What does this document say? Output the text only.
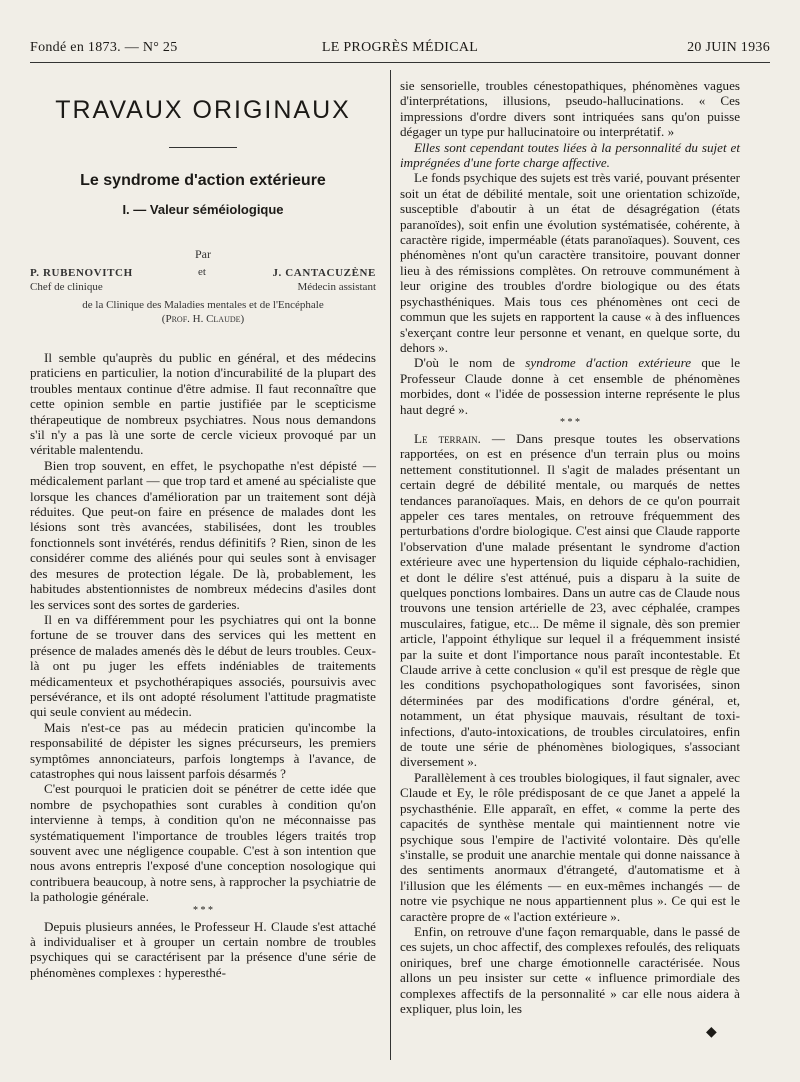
Fondé en 1873. — N° 25	LE PROGRÈS MÉDICAL	20 JUIN 1936
TRAVAUX ORIGINAUX
Le syndrome d'action extérieure
I. — Valeur séméiologique
Par
P. RUBENOVITCH
Chef de clinique
et	J. CANTACUZÈNE
Médecin assistant
de la Clinique des Maladies mentales et de l'Encéphale
(Prof. H. Claude)

Il semble qu'auprès du public en général, et des médecins praticiens en particulier, la notion d'incurabilité de la plupart des troubles mentaux continue d'être admise. Il faut reconnaître que cette opinion semble en partie justifiée par le scepticisme thérapeutique de nombreux psychiatres. Nous nous demandons s'il n'y a pas là une sorte de cercle vicieux provoqué par un véritable malentendu.

Bien trop souvent, en effet, le psychopathe n'est dépisté — médicalement parlant — que trop tard et amené au spécialiste que lorsque les chances d'amélioration par un traitement sont déjà réduites. Que peut-on faire en présence de malades dont les lésions sont très avancées, stabilisées, dont les troubles fonctionnels sont invétérés, rendus définitifs ? Rien, sinon de les considérer comme des aliénés pour qui seules sont à envisager des mesures de protection légale. De là, probablement, les habitudes abstentionnistes de nombreux médecins d'asiles dont les services sont des sortes de garderies.

Il en va différemment pour les psychiatres qui ont la bonne fortune de se trouver dans des services qui les mettent en présence de malades amenés dès le début de leurs troubles. Ceux-là ont pu juger les effets indéniables de traitements médicamenteux et psychothérapiques associés, poursuivis avec persévérance, et ils ont adopté résolument l'attitude pragmatiste qui seule convient au médecin.

Mais n'est-ce pas au médecin praticien qu'incombe la responsabilité de dépister les signes précurseurs, les premiers symptômes annonciateurs, parfois longtemps à l'avance, de catastrophes qui nous laissent parfois désarmés ?

C'est pourquoi le praticien doit se pénétrer de cette idée que nombre de psychopathies sont curables à condition qu'on intervienne à temps, à condition qu'on ne méconnaisse pas systématiquement l'importance de troubles légers traités trop souvent avec une négligence coupable. C'est à son intention que nous avons entrepris l'exposé d'une conception nosologique qui contribuera beaucoup, à notre sens, à rapprocher la psychiatrie de la pathologie générale.

* * *

Depuis plusieurs années, le Professeur H. Claude s'est attaché à individualiser et à grouper un certain nombre de troubles psychiques qui se caractérisent par la présence d'une série de phénomènes complexes : hyperesthé-

sie sensorielle, troubles cénestopathiques, phénomènes vagues d'interprétations, illusions, pseudo-hallucinations. « Ces impressions d'ordre divers sont intriquées sans qu'on puisse dégager un type pur hallucinatoire ou interprétatif. »

Elles sont cependant toutes liées à la personnalité du sujet et imprégnées d'une forte charge affective.

Le fonds psychique des sujets est très varié, pouvant présenter soit un état de débilité mentale, soit une orientation schizoïde, susceptible d'aboutir à un état de désagrégation (états paranoïdes), soit enfin une évolution systématisée, cohérente, à caractère rigide, imperméable (états paranoïaques). Souvent, ces phénomènes n'ont qu'un caractère transitoire, pouvant donner lieu à des rémissions complètes. On retrouve communément à leur origine des troubles d'ordre biologique ou des états psychasthéniques. Mais tous ces phénomènes ont ceci de commun que les sujets en rapportent la cause « à des influences s'exerçant contre leur personne et venant, en quelque sorte, du dehors ».

D'où le nom de syndrome d'action extérieure que le Professeur Claude donne à cet ensemble de phénomènes morbides, dont « l'idée de possession interne représente le plus haut degré ».

* * *

Le terrain. — Dans presque toutes les observations rapportées, on est en présence d'un terrain plus ou moins nettement constitutionnel. Il s'agit de malades présentant un certain degré de débilité mentale, ou marqués de nettes tendances paranoïaques. Mais, en dehors de ce qu'on pourrait appeler ces tares mentales, on retrouve fréquemment des perturbations d'ordre biologique. C'est ainsi que Claude rapporte l'observation d'une malade présentant le syndrome d'action extérieure avec une hypertension du liquide céphalo-rachidien, et dont le délire s'est atténué, puis a disparu à la suite de quelques ponctions lombaires. Dans un autre cas de Claude nous trouvons une tension artérielle de 23, avec céphalée, crampes musculaires, fatigue, etc... De même il signale, dès son premier article, l'appoint éthylique sur lequel il a fréquemment insisté par la suite et dont l'importance nous paraît incontestable. Et Claude arrive à cette conclusion « qu'il est presque de règle que les conditions psychopathologiques sont favorisées, sinon déterminées par des modifications d'ordre général, et, notamment, un état physique mauvais, résultant de toxi-infections, d'auto-intoxications, de troubles circulatoires, enfin de toute une série de phénomènes biologiques, s'associant diversement ».

Parallèlement à ces troubles biologiques, il faut signaler, avec Claude et Ey, le rôle prédisposant de ce que Janet a appelé la psychasthénie. Elle apparaît, en effet, « comme la perte des capacités de synthèse mentale qui maintiennent notre vie psychique sous l'empire de l'activité volontaire. Dès qu'elle s'installe, se produit une anarchie mentale qui donne naissance à des sentiments anormaux d'étrangeté, d'automatisme et à l'illusion que les éléments — en eux-mêmes inchangés — de notre vie psychique ne nous appartiennent plus ». Ce qui est le caractère propre de « l'action extérieure ».

Enfin, on retrouve d'une façon remarquable, dans le passé de ces sujets, un choc affectif, des complexes refoulés, des reliquats oniriques, bref une charge émotionnelle caractérisée. Nous allons un peu insister sur cette « influence primordiale des complexes affectifs de la personnalité » car elle nous aidera à expliquer, plus loin, les

◆
